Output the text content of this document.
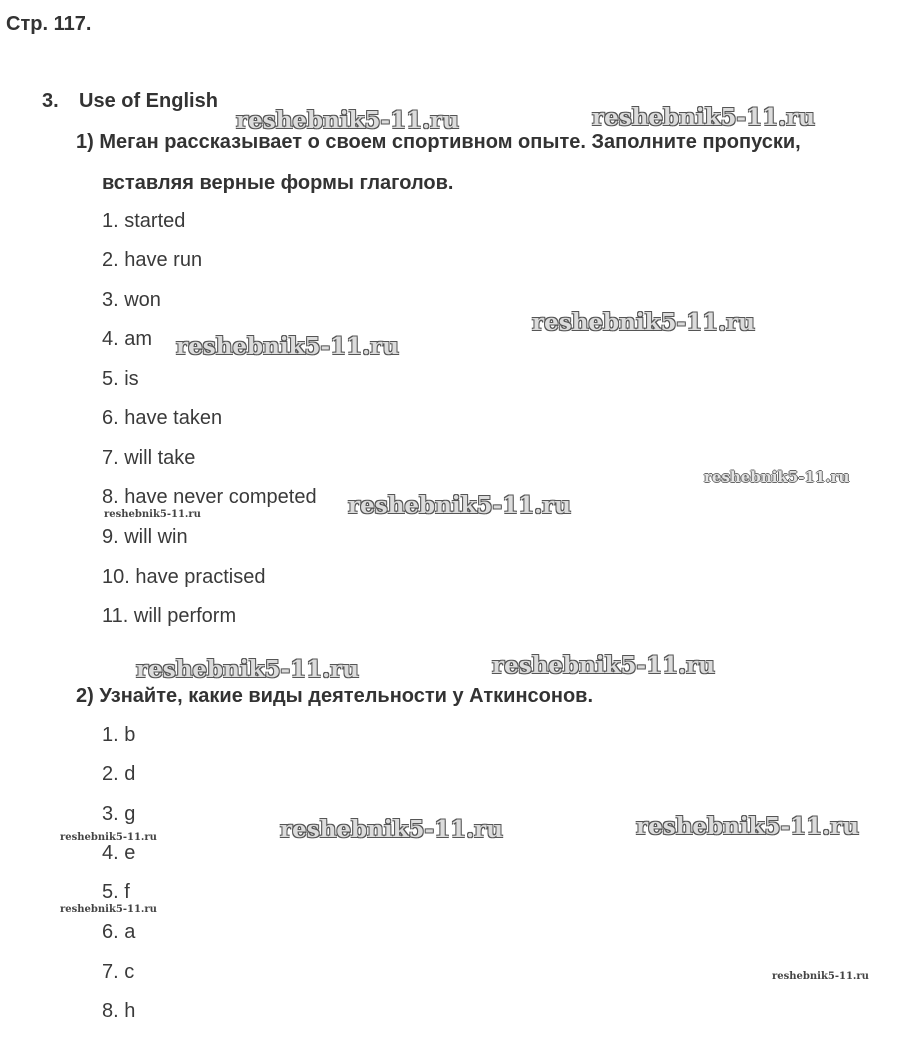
Стр. 117.
3. Use of English
1) Меган рассказывает о своем спортивном опыте. Заполните пропуски,
вставляя верные формы глаголов.
1. started
2. have run
3. won
4. am
5. is
6. have taken
7. will take
8. have never competed
9. will win
10. have practised
11. will perform
2) Узнайте, какие виды деятельности у Аткинсонов.
1. b
2. d
3. g
4. e
5. f
6. a
7. c
8. h
reshebnik5-11.ru	reshebnik5-11.ru
reshebnik5-11.ru
reshebnik5-11.ru
reshebnik5-11.ru
reshebnik5-11.ru
reshebnik5-11.ru
reshebnik5-11.ru	reshebnik5-11.ru
reshebnik5-11.ru	reshebnik5-11.ru
reshebnik5-11.ru
reshebnik5-11.ru
reshebnik5-11.ru
